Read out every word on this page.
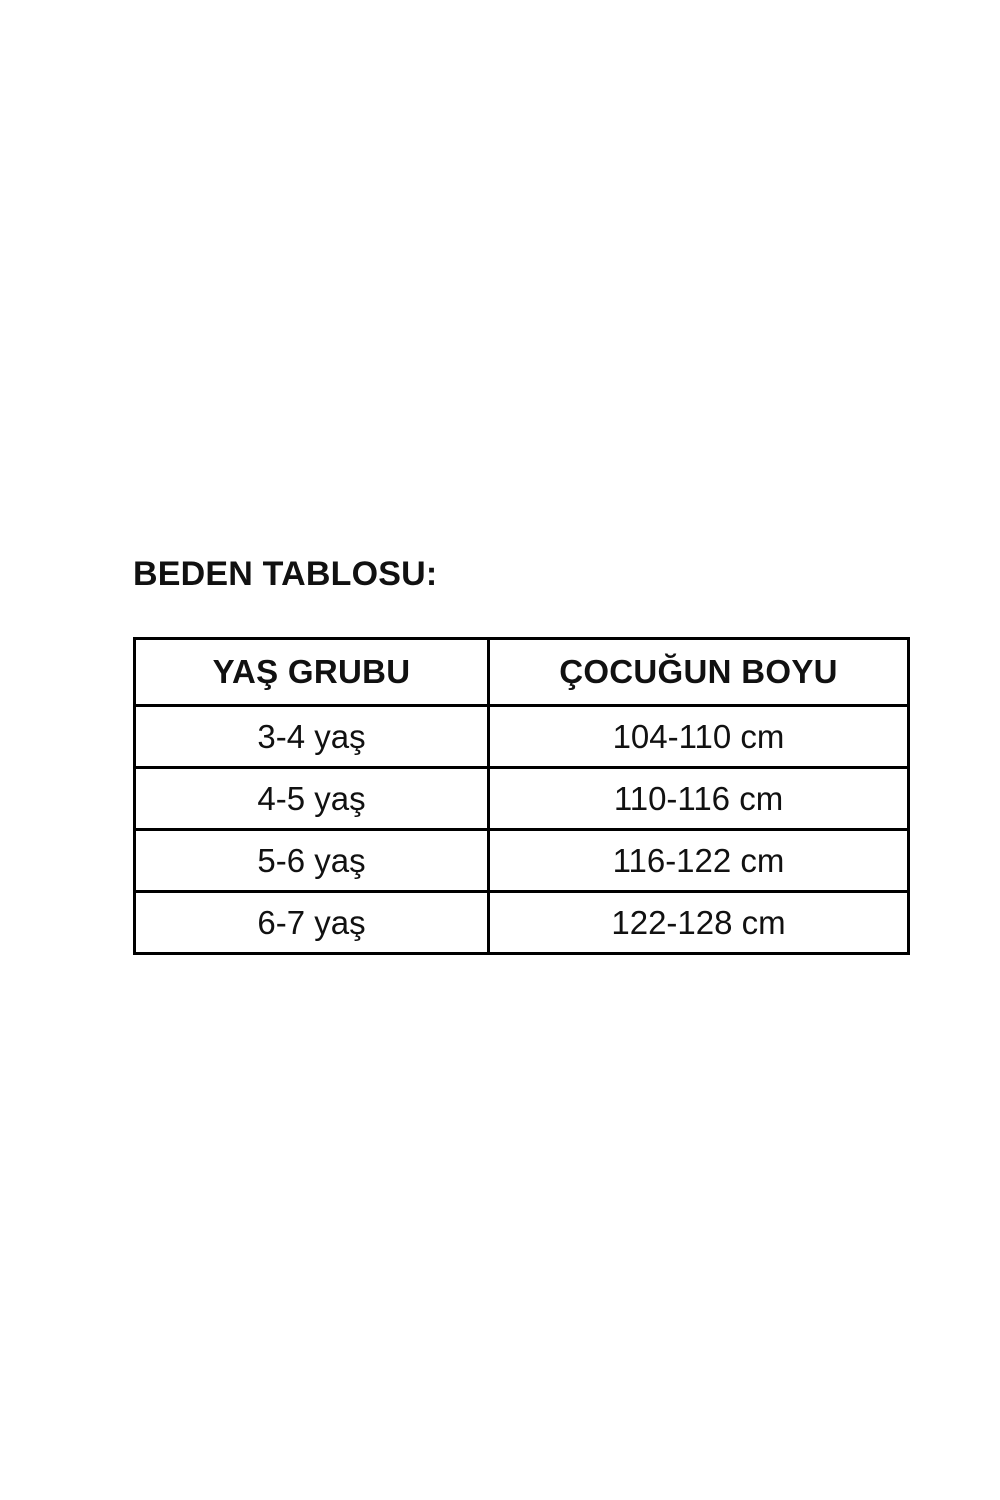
BEDEN TABLOSU:
YAŞ GRUBU	ÇOCUĞUN BOYU
3-4 yaş	104-110 cm
4-5 yaş	110-116 cm
5-6 yaş	116-122 cm
6-7 yaş	122-128 cm
